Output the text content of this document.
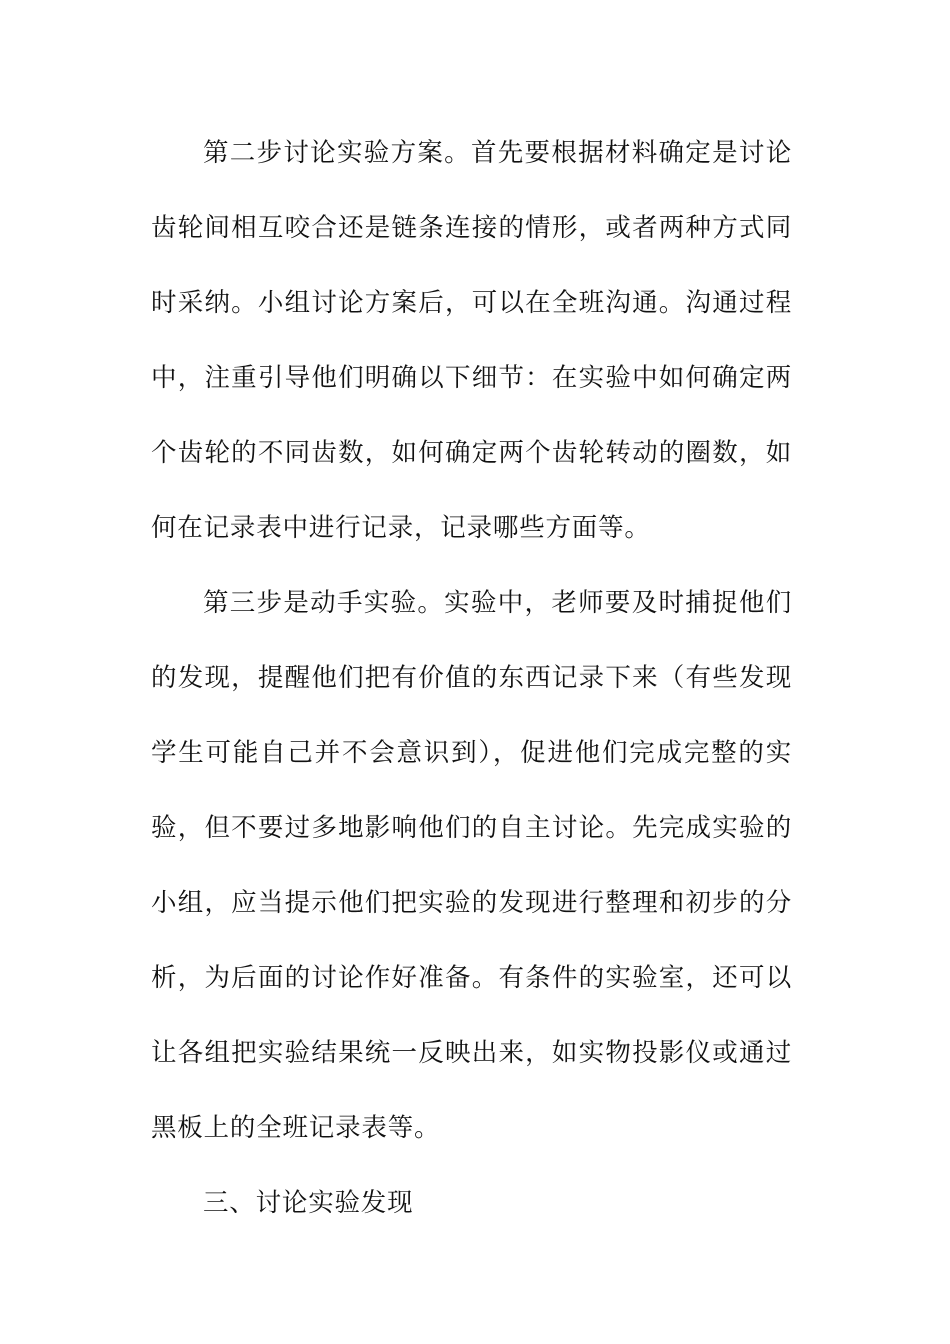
第二步讨论实验方案。首先要根据材料确定是讨论齿轮间相互咬合还是链条连接的情形，或者两种方式同时采纳。小组讨论方案后，可以在全班沟通。沟通过程中，注重引导他们明确以下细节：在实验中如何确定两个齿轮的不同齿数，如何确定两个齿轮转动的圈数，如何在记录表中进行记录，记录哪些方面等。

第三步是动手实验。实验中，老师要及时捕捉他们的发现，提醒他们把有价值的东西记录下来（有些发现学生可能自己并不会意识到），促进他们完成完整的实验，但不要过多地影响他们的自主讨论。先完成实验的小组，应当提示他们把实验的发现进行整理和初步的分析，为后面的讨论作好准备。有条件的实验室，还可以让各组把实验结果统一反映出来，如实物投影仪或通过黑板上的全班记录表等。

三、讨论实验发现
